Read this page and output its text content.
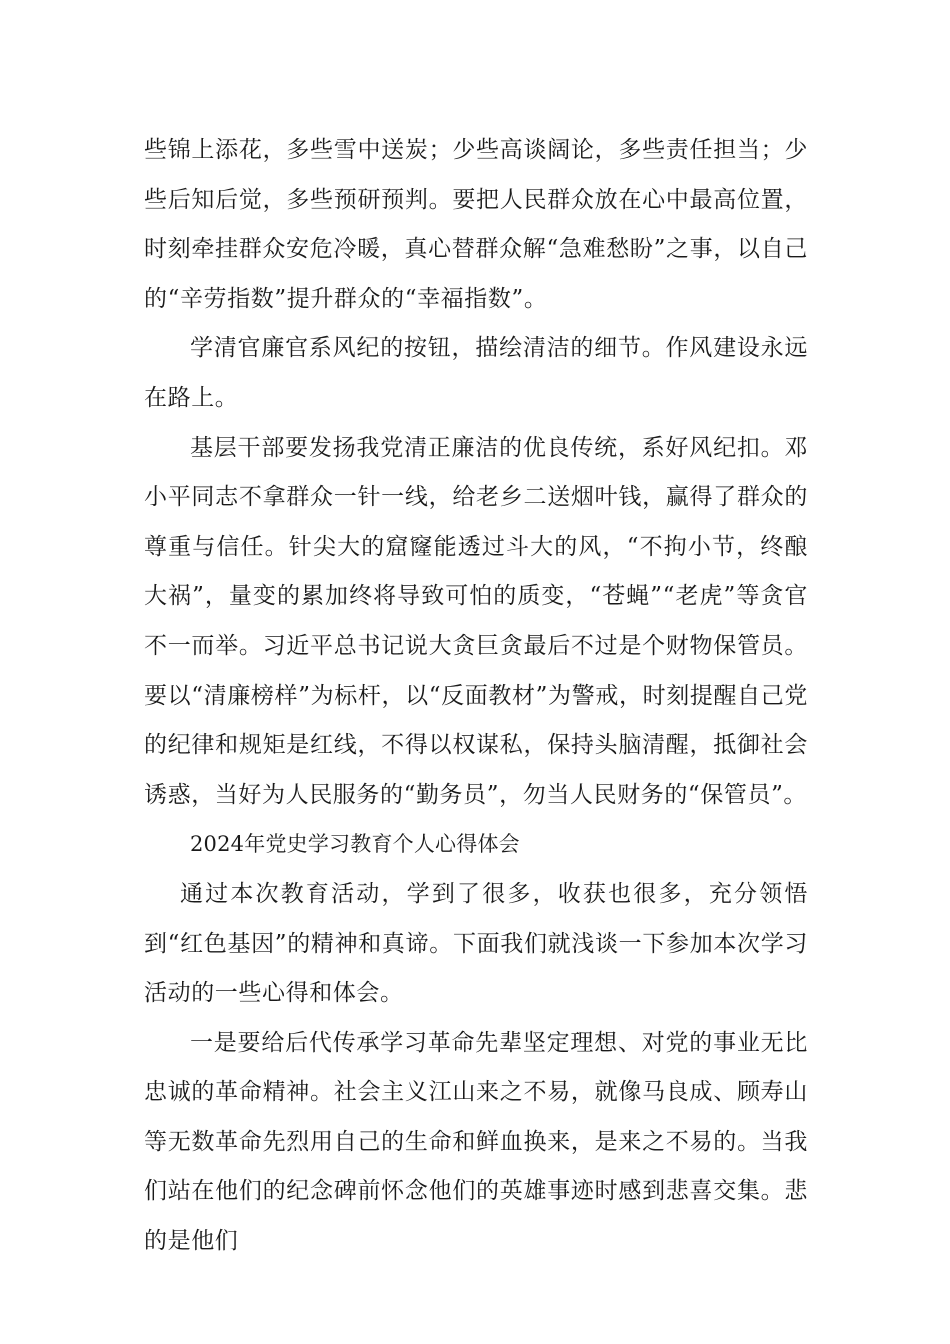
些锦上添花，多些雪中送炭；少些高谈阔论，多些责任担当；少些后知后觉，多些预研预判。要把人民群众放在心中最高位置，时刻牵挂群众安危冷暖，真心替群众解“急难愁盼”之事，以自己的“辛劳指数”提升群众的“幸福指数”。

学清官廉官系风纪的按钮，描绘清洁的细节。作风建设永远在路上。

基层干部要发扬我党清正廉洁的优良传统，系好风纪扣。邓小平同志不拿群众一针一线，给老乡二送烟叶钱，赢得了群众的尊重与信任。针尖大的窟窿能透过斗大的风，“不拘小节，终酿大祸”，量变的累加终将导致可怕的质变，“苍蝇”“老虎”等贪官不一而举。习近平总书记说大贪巨贪最后不过是个财物保管员。要以“清廉榜样”为标杆，以“反面教材”为警戒，时刻提醒自己党的纪律和规矩是红线，不得以权谋私，保持头脑清醒，抵御社会诱惑，当好为人民服务的“勤务员”，勿当人民财务的“保管员”。

2024年党史学习教育个人心得体会

通过本次教育活动，学到了很多，收获也很多，充分领悟到“红色基因”的精神和真谛。下面我们就浅谈一下参加本次学习活动的一些心得和体会。

一是要给后代传承学习革命先辈坚定理想、对党的事业无比忠诚的革命精神。社会主义江山来之不易，就像马良成、顾寿山等无数革命先烈用自己的生命和鲜血换来，是来之不易的。当我们站在他们的纪念碑前怀念他们的英雄事迹时感到悲喜交集。悲的是他们
